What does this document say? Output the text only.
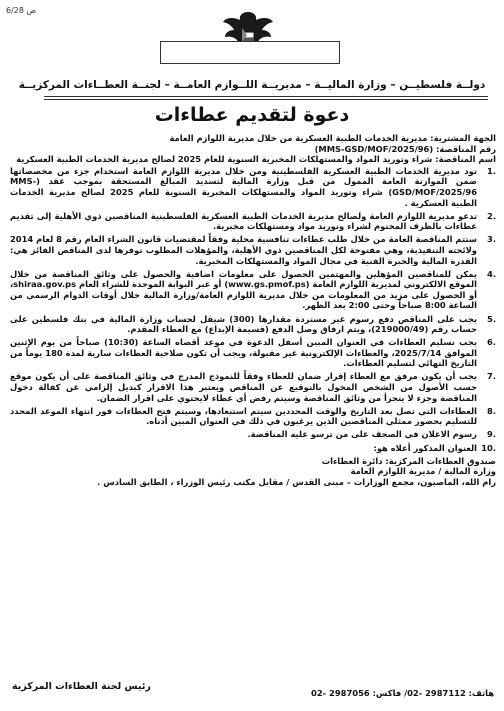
6/28 ص
دولــة فلسطيــن – وزارة الماليــة – مديريــة اللــوازم العامــة – لجنــة العطــاءات المركزيــة
دعوة لتقديم عطاءات

الجهة المشترية: مديرية الخدمات الطبية العسكرية من خلال مديرية اللوازم العامة

رقم المناقصة: (MMS-GSD/MOF/2025/96)

اسم المناقصة: شراء وتوريد المواد والمستهلكات المخبرية السنوية للعام 2025 لصالح مديرية الخدمات الطبية العسكرية

.1
تود مديرية الخدمات الطبية العسكرية الفلسطينية ومن خلال مديرية اللوازم العامة استخدام جزء من مخصصاتها ضمن الموازنة العامة الممول من قبل وزارة المالية لتسديد المبالغ المستحقة بموجب عقد (MMS-GSD/MOF/2025/96) شراء وتوريد المواد والمستهلكات المخبرية السنوية للعام 2025 لصالح مديرية الخدمات الطبية العسكرية .
.2
تدعو مديرية اللوازم العامة ولصالح مديرية الخدمات الطبية العسكرية الفلسطينية المناقصين ذوي الأهلية إلى تقديم عطاءات بالظرف المختوم لشراء وتوريد مواد ومستهلكات مخبرية.
.3
ستتم المناقصة العامة من خلال طلب عطاءات تنافسية محلية وفقاً لمقتضيات قانون الشراء العام رقم 8 لعام 2014 ولائحته التنفيذية، وهي مفتوحة لكل المناقصين ذوي الأهلية، والمؤهلات المطلوب توفرها لدى المناقص الفائز هي: القدرة المالية والخبرة الفنية في مجال المواد والمستهلكات المخبرية.
.4
يمكن للمناقصين المؤهلين والمهتمين الحصول على معلومات اضافية والحصول على وثائق المناقصة من خلال الموقع الالكتروني لمديرية اللوازم العامة (www.gs.pmof.ps) أو عبر البوابة الموحدة للشراء العام shiraa.gov.ps، أو الحصول على مزيد من المعلومات من خلال مديرية اللوازم العامة/وزارة المالية خلال أوقات الدوام الرسمي من الساعة 8:00 صباحاً وحتى 2:00 بعد الظهر.
.5
يجب على المناقص دفع رسوم غير مستردة مقدارها (300) شيقل لحساب وزارة المالية في بنك فلسطين على حساب رقم (219000/49)، ويتم ارفاق وصل الدفع (قسيمة الإيداع) مع العطاء المقدم.
.6
يجب تسليم العطاءات في العنوان المبين أسفل الدعوة في موعد أقصاه الساعة (10:30) صباحاً من يوم الإثنين الموافق 2025/7/14، والعطاءات الإلكترونية غير مقبولة، ويجب أن تكون صلاحية العطاءات سارية لمدة 180 يوماً من التاريخ النهائي لتسليم العطاءات.
.7
يجب أن يكون مرفق مع العطاء إقرار ضمان للعطاء وفقاً للنموذج المدرج في وثائق المناقصة على أن يكون موقع حسب الأصول من الشخص المخول بالتوقيع عن المناقص ويعتبر هذا الاقرار كبديل إلزامي عن كفالة دخول المناقصة وجزء لا يتجزأ من وثائق المناقصة وسيتم رفض أي عطاء لايحتوي على اقرار الضمان.
.8
العطاءات التي تصل بعد التاريخ والوقت المحددين سيتم استبعادها، وسيتم فتح العطاءات فور انتهاء الموعد المحدد للتسليم بحضور ممثلي المناقصين الذين يرغبون في ذلك في العنوان المبين أدناه.
.9
رسوم الاعلان في الصحف على من ترسو عليه المناقصة.
.10
العنوان المذكور أعلاه هو:

صندوق العطاءات المركزية: دائرة العطاءات

وزارة المالية / مديرية اللوازم العامة

رام الله، الماصيون، مجمع الوزارات – مبنى القدس / مقابل مكتب رئيس الوزراء ، الطابق السادس .

هاتف: 2987112 -02/ فاكس: 2987056 -02
رئيس لجنة العطاءات المركزية
